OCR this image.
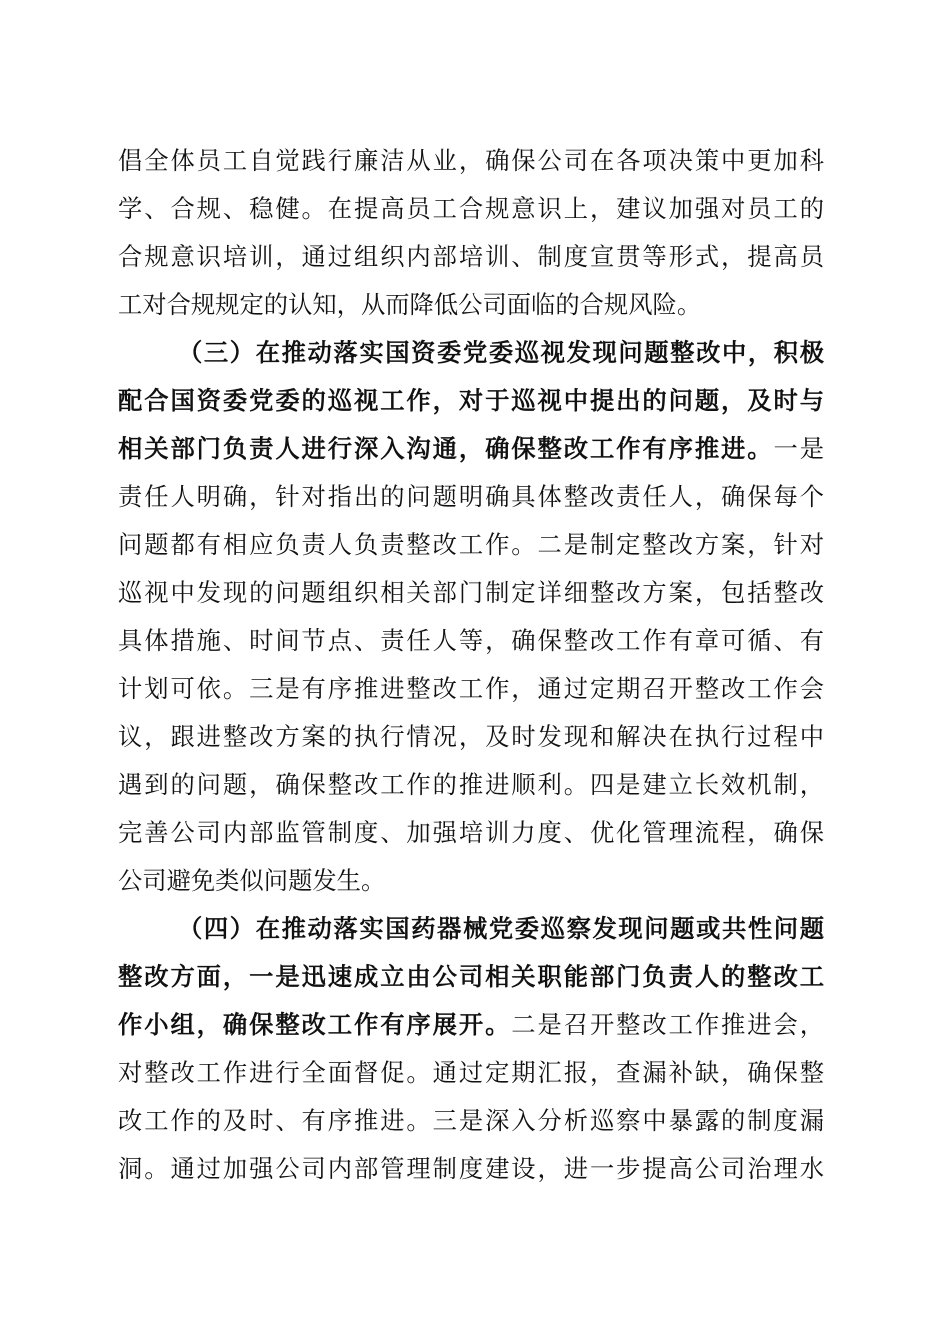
倡全体员工自觉践行廉洁从业，确保公司在各项决策中更加科
学、合规、稳健。在提高员工合规意识上，建议加强对员工的
合规意识培训，通过组织内部培训、制度宣贯等形式，提高员
工对合规规定的认知，从而降低公司面临的合规风险。
（三）在推动落实国资委党委巡视发现问题整改中，积极
配合国资委党委的巡视工作，对于巡视中提出的问题，及时与
相关部门负责人进行深入沟通，确保整改工作有序推进。一是
责任人明确，针对指出的问题明确具体整改责任人，确保每个
问题都有相应负责人负责整改工作。二是制定整改方案，针对
巡视中发现的问题组织相关部门制定详细整改方案，包括整改
具体措施、时间节点、责任人等，确保整改工作有章可循、有
计划可依。三是有序推进整改工作，通过定期召开整改工作会
议，跟进整改方案的执行情况，及时发现和解决在执行过程中
遇到的问题，确保整改工作的推进顺利。四是建立长效机制，
完善公司内部监管制度、加强培训力度、优化管理流程，确保
公司避免类似问题发生。
（四）在推动落实国药器械党委巡察发现问题或共性问题
整改方面，一是迅速成立由公司相关职能部门负责人的整改工
作小组，确保整改工作有序展开。二是召开整改工作推进会，
对整改工作进行全面督促。通过定期汇报，查漏补缺，确保整
改工作的及时、有序推进。三是深入分析巡察中暴露的制度漏
洞。通过加强公司内部管理制度建设，进一步提高公司治理水
